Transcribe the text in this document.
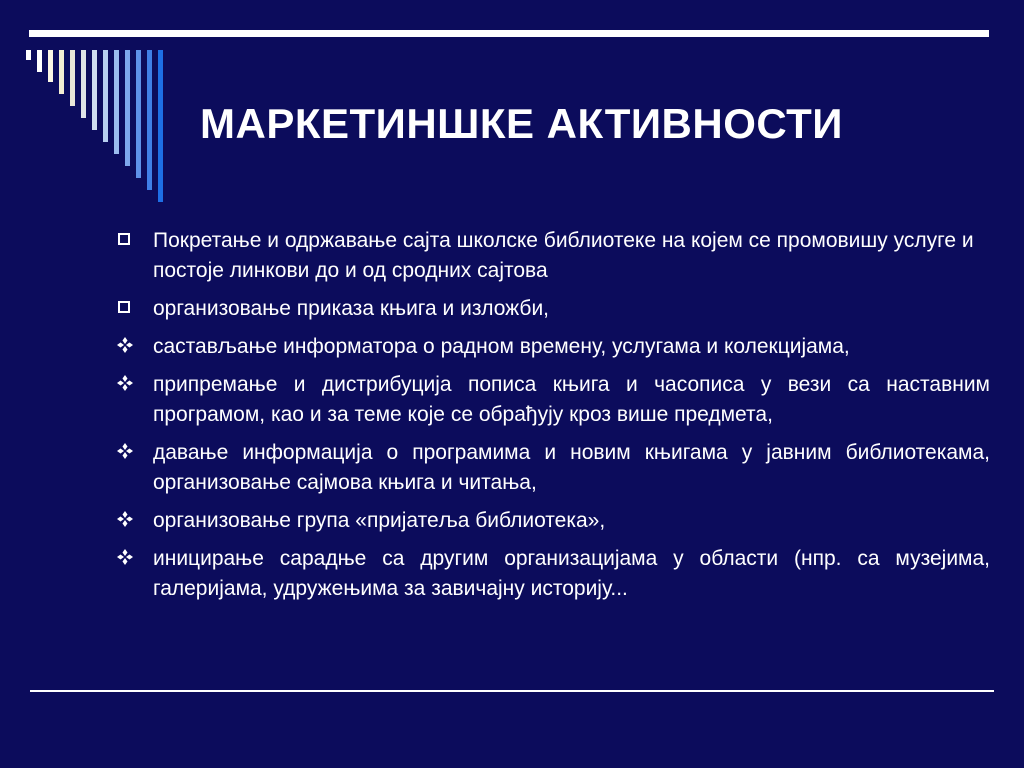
МАРКЕТИНШКЕ АКТИВНОСТИ
Покретање и одржавање сајта школске библиотеке на којем се промовишу услуге и постоје линкови до и од сродних сајтова
организовање приказа књига и изложби,
састављање информатора о радном времену, услугама и колекцијама,
припремање и дистрибуција пописа књига и часописа у вези са наставним програмом, као и за теме које се обрађују кроз више предмета,
давање информација о програмима и новим књигама у јавним библиотекама, организовање сајмова књига и читања,
организовање група «пријатеља библиотека»,
иницирање сарадње са другим организацијама у области (нпр. са музејима, галеријама, удружењима за завичајну историју...
